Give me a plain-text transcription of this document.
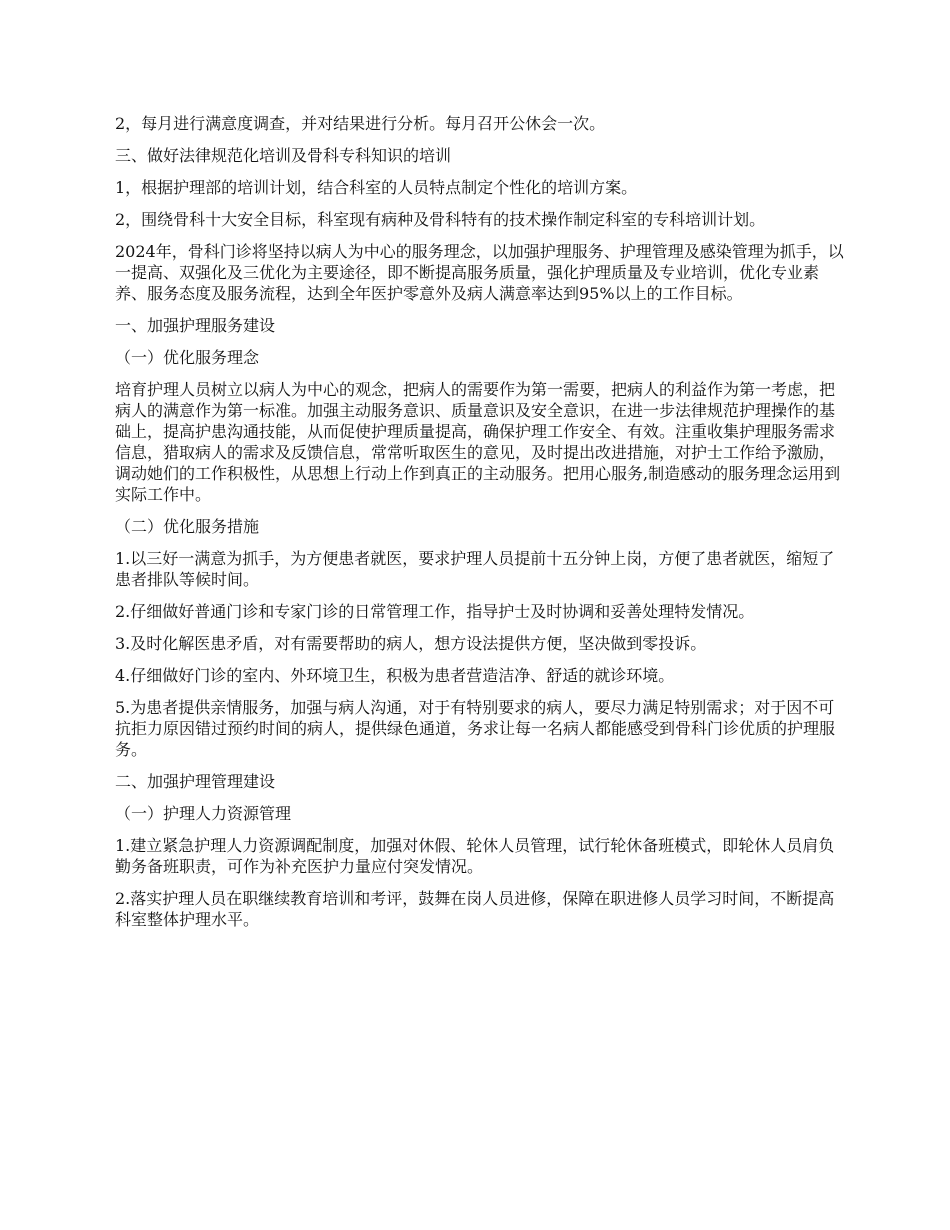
2，每月进行满意度调查，并对结果进行分析。每月召开公休会一次。

三、做好法律规范化培训及骨科专科知识的培训

1，根据护理部的培训计划，结合科室的人员特点制定个性化的培训方案。

2，围绕骨科十大安全目标，科室现有病种及骨科特有的技术操作制定科室的专科培训计划。

2024年，骨科门诊将坚持以病人为中心的服务理念，以加强护理服务、护理管理及感染管理为抓手，以一提高、双强化及三优化为主要途径，即不断提高服务质量，强化护理质量及专业培训，优化专业素养、服务态度及服务流程，达到全年医护零意外及病人满意率达到95%以上的工作目标。

一、加强护理服务建设

（一）优化服务理念

培育护理人员树立以病人为中心的观念，把病人的需要作为第一需要，把病人的利益作为第一考虑，把病人的满意作为第一标准。加强主动服务意识、质量意识及安全意识，在进一步法律规范护理操作的基础上，提高护患沟通技能，从而促使护理质量提高，确保护理工作安全、有效。注重收集护理服务需求信息，猎取病人的需求及反馈信息，常常听取医生的意见，及时提出改进措施，对护士工作给予激励，调动她们的工作积极性，从思想上行动上作到真正的主动服务。把用心服务,制造感动的服务理念运用到实际工作中。

（二）优化服务措施

1.以三好一满意为抓手，为方便患者就医，要求护理人员提前十五分钟上岗，方便了患者就医，缩短了患者排队等候时间。

2.仔细做好普通门诊和专家门诊的日常管理工作，指导护士及时协调和妥善处理特发情况。

3.及时化解医患矛盾，对有需要帮助的病人，想方设法提供方便，坚决做到零投诉。

4.仔细做好门诊的室内、外环境卫生，积极为患者营造洁净、舒适的就诊环境。

5.为患者提供亲情服务，加强与病人沟通，对于有特别要求的病人，要尽力满足特别需求；对于因不可抗拒力原因错过预约时间的病人，提供绿色通道，务求让每一名病人都能感受到骨科门诊优质的护理服务。

二、加强护理管理建设

（一）护理人力资源管理

1.建立紧急护理人力资源调配制度，加强对休假、轮休人员管理，试行轮休备班模式，即轮休人员肩负勤务备班职责，可作为补充医护力量应付突发情况。

2.落实护理人员在职继续教育培训和考评，鼓舞在岗人员进修，保障在职进修人员学习时间，不断提高科室整体护理水平。
